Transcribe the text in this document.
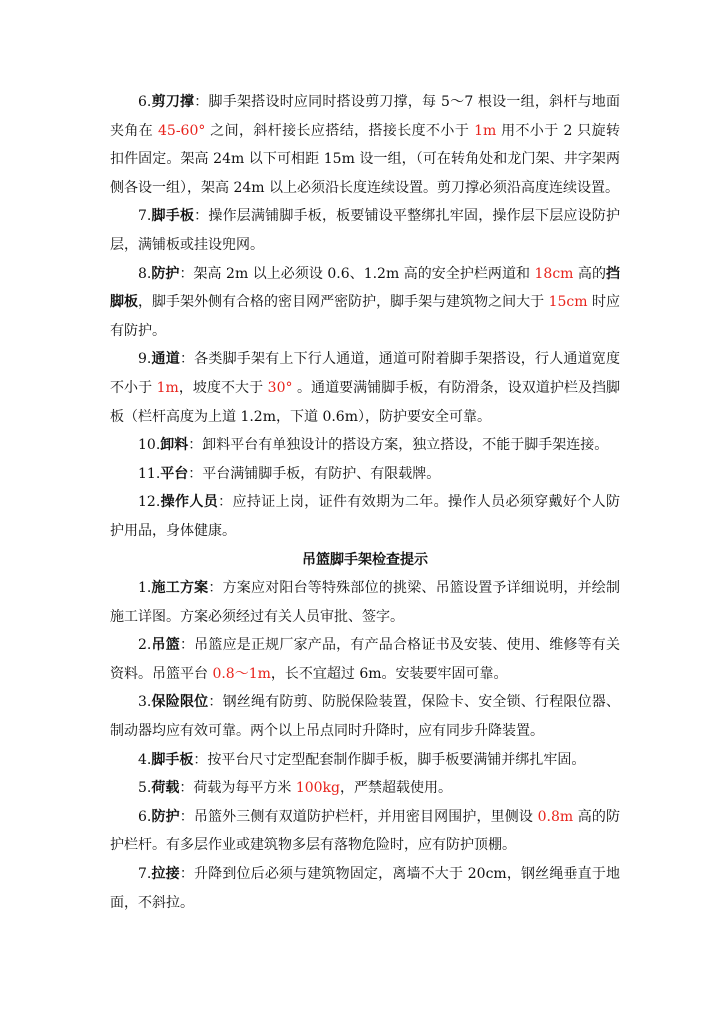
6.剪刀撑：脚手架搭设时应同时搭设剪刀撑，每 5～7 根设一组，斜杆与地面夹角在 45-60° 之间，斜杆接长应搭结，搭接长度不小于 1m 用不小于 2 只旋转扣件固定。架高 24m 以下可相距 15m 设一组，（可在转角处和龙门架、井字架两侧各设一组），架高 24m 以上必须沿长度连续设置。剪刀撑必须沿高度连续设置。

7.脚手板：操作层满铺脚手板，板要铺设平整绑扎牢固，操作层下层应设防护层，满铺板或挂设兜网。

8.防护：架高 2m 以上必须设 0.6、1.2m 高的安全护栏两道和 18cm 高的挡脚板，脚手架外侧有合格的密目网严密防护，脚手架与建筑物之间大于 15cm 时应有防护。

9.通道：各类脚手架有上下行人通道，通道可附着脚手架搭设，行人通道宽度不小于 1m，坡度不大于 30° 。通道要满铺脚手板，有防滑条，设双道护栏及挡脚板（栏杆高度为上道 1.2m，下道 0.6m），防护要安全可靠。

10.卸料：卸料平台有单独设计的搭设方案，独立搭设，不能于脚手架连接。

11.平台：平台满铺脚手板，有防护、有限载牌。

12.操作人员：应持证上岗，证件有效期为二年。操作人员必须穿戴好个人防护用品，身体健康。

吊篮脚手架检查提示

1.施工方案：方案应对阳台等特殊部位的挑梁、吊篮设置予详细说明，并绘制施工详图。方案必须经过有关人员审批、签字。

2.吊篮：吊篮应是正规厂家产品，有产品合格证书及安装、使用、维修等有关资料。吊篮平台 0.8～1m，长不宜超过 6m。安装要牢固可靠。

3.保险限位：钢丝绳有防剪、防脱保险装置，保险卡、安全锁、行程限位器、制动器均应有效可靠。两个以上吊点同时升降时，应有同步升降装置。

4.脚手板：按平台尺寸定型配套制作脚手板，脚手板要满铺并绑扎牢固。

5.荷载：荷载为每平方米 100kg，严禁超载使用。

6.防护：吊篮外三侧有双道防护栏杆，并用密目网围护，里侧设 0.8m 高的防护栏杆。有多层作业或建筑物多层有落物危险时，应有防护顶棚。

7.拉接：升降到位后必须与建筑物固定，离墙不大于 20cm，钢丝绳垂直于地面，不斜拉。
